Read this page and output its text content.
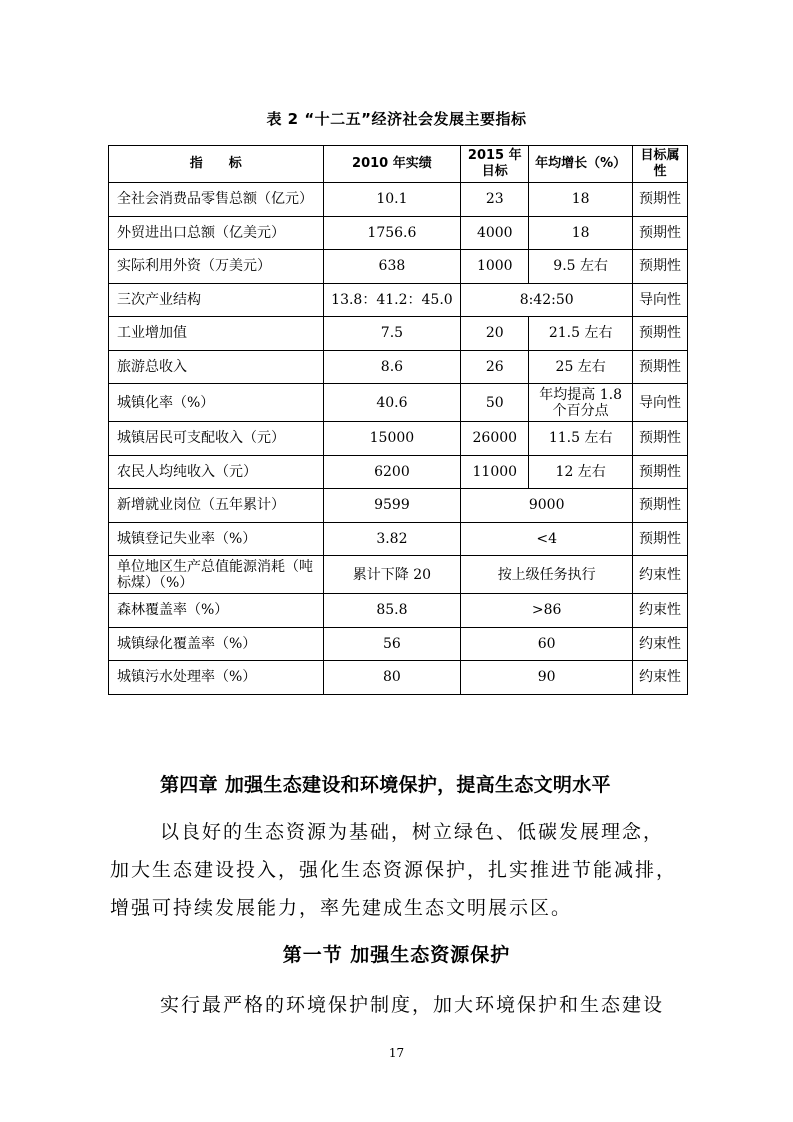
表 2 “十二五”经济社会发展主要指标
指　　标	2010 年实绩	2015 年目标	年均增长（%）	目标属性
全社会消费品零售总额（亿元）	10.1	23	18	预期性
外贸进出口总额（亿美元）	1756.6	4000	18	预期性
实际利用外资（万美元）	638	1000	9.5 左右	预期性
三次产业结构	13.8：41.2：45.0	8:42:50		导向性
工业增加值	7.5	20	21.5 左右	预期性
旅游总收入	8.6	26	25 左右	预期性
城镇化率（%）	40.6	50	年均提高 1.8 个百分点	导向性
城镇居民可支配收入（元）	15000	26000	11.5 左右	预期性
农民人均纯收入（元）	6200	11000	12 左右	预期性
新增就业岗位（五年累计）	9599	9000		预期性
城镇登记失业率（%）	3.82	<4		预期性
单位地区生产总值能源消耗（吨标煤）（%）	累计下降 20	按上级任务执行		约束性
森林覆盖率（%）	85.8	>86		约束性
城镇绿化覆盖率（%）	56	60		约束性
城镇污水处理率（%）	80	90		约束性
第四章 加强生态建设和环境保护，提高生态文明水平
以良好的生态资源为基础，树立绿色、低碳发展理念，
加大生态建设投入，强化生态资源保护，扎实推进节能减排，
增强可持续发展能力，率先建成生态文明展示区。
第一节 加强生态资源保护
实行最严格的环境保护制度，加大环境保护和生态建设
17
